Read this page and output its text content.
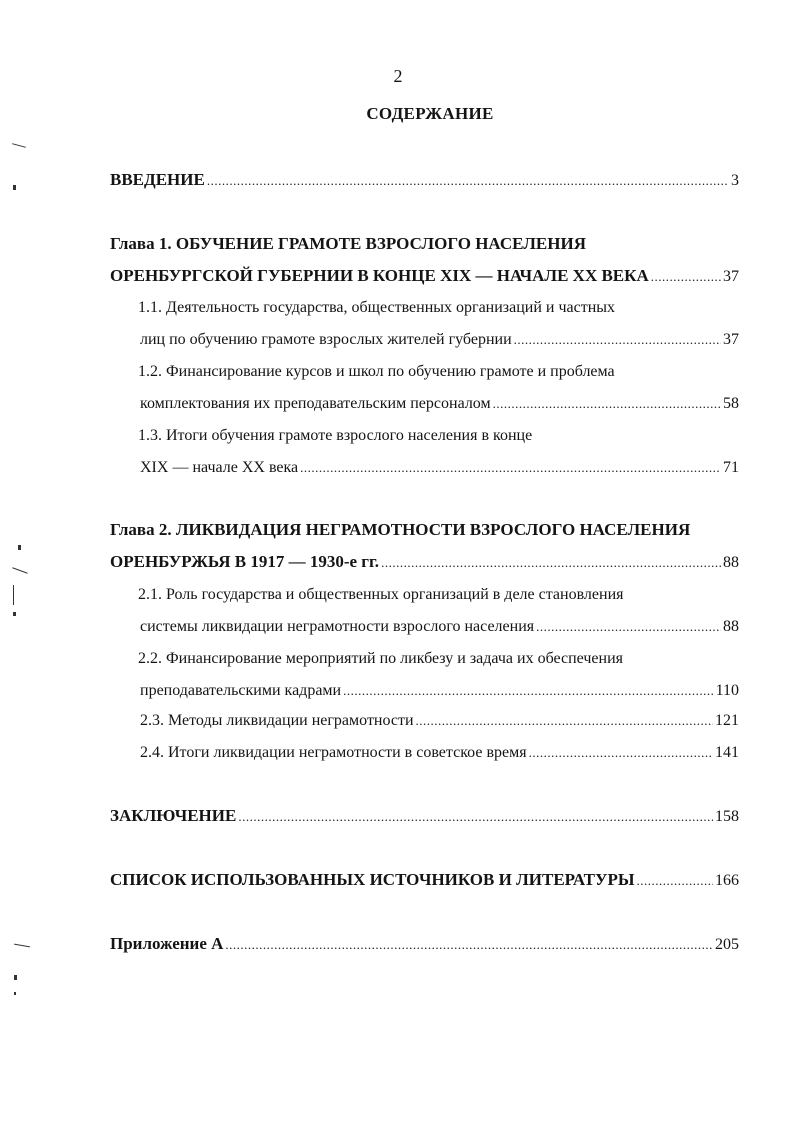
2
СОДЕРЖАНИЕ
ВВЕДЕНИЕ .....	3
Глава 1. ОБУЧЕНИЕ ГРАМОТЕ ВЗРОСЛОГО НАСЕЛЕНИЯ
ОРЕНБУРГСКОЙ ГУБЕРНИИ В КОНЦЕ XIX — НАЧАЛЕ XX ВЕКА .....	37
1.1. Деятельность государства, общественных организаций и частных
лиц по обучению грамоте взрослых жителей губернии .....	37
1.2. Финансирование курсов и школ по обучению грамоте и проблема
комплектования их преподавательским персоналом .....	58
1.3. Итоги обучения грамоте взрослого населения в конце
XIX — начале XX века .....	71
Глава 2. ЛИКВИДАЦИЯ НЕГРАМОТНОСТИ ВЗРОСЛОГО НАСЕЛЕНИЯ
ОРЕНБУРЖЬЯ В 1917 — 1930-е гг. .....	88
2.1. Роль государства и общественных организаций в деле становления
системы ликвидации неграмотности взрослого населения .....	88
2.2. Финансирование мероприятий по ликбезу и задача их обеспечения
преподавательскими кадрами .....	110
2.3. Методы ликвидации неграмотности .....	121
2.4. Итоги ликвидации неграмотности в советское время .....	141
ЗАКЛЮЧЕНИЕ .....	158
СПИСОК ИСПОЛЬЗОВАННЫХ ИСТОЧНИКОВ И ЛИТЕРАТУРЫ .....	166
Приложение А .....	205
